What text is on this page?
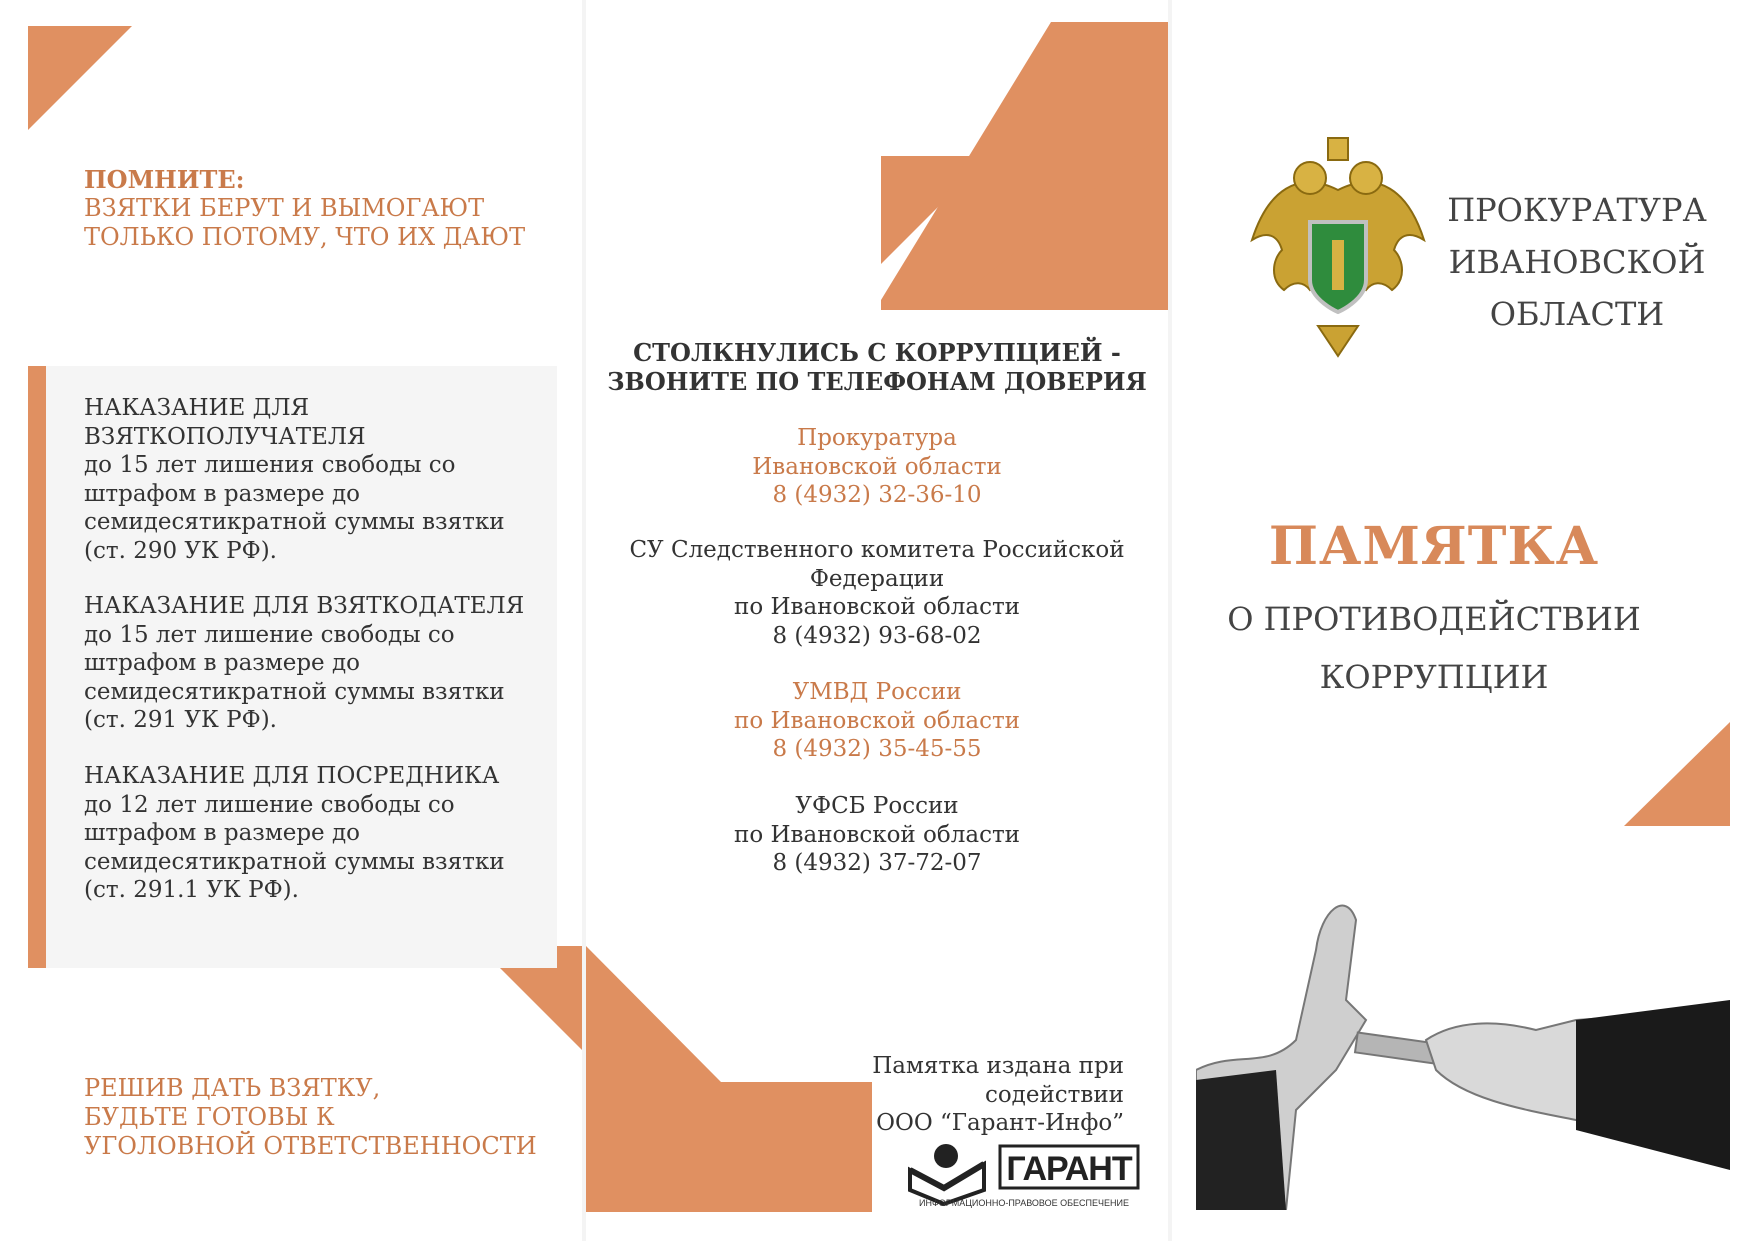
ПОМНИТЕ:
ВЗЯТКИ БЕРУТ И ВЫМОГАЮТ
ТОЛЬКО ПОТОМУ, ЧТО ИХ ДАЮТ
НАКАЗАНИЕ ДЛЯ
ВЗЯТКОПОЛУЧАТЕЛЯ
до 15 лет лишения свободы со
штрафом в размере до
семидесятикратной суммы взятки
(ст. 290 УК РФ).
НАКАЗАНИЕ ДЛЯ ВЗЯТКОДАТЕЛЯ
до 15 лет лишение свободы со
штрафом в размере до
семидесятикратной суммы взятки
(ст. 291 УК РФ).
НАКАЗАНИЕ ДЛЯ ПОСРЕДНИКА
до 12 лет лишение свободы со
штрафом в размере до
семидесятикратной суммы взятки
(ст. 291.1 УК РФ).
РЕШИВ ДАТЬ ВЗЯТКУ,
БУДЬТЕ ГОТОВЫ К
УГОЛОВНОЙ ОТВЕТСТВЕННОСТИ
СТОЛКНУЛИСЬ С КОРРУПЦИЕЙ -
ЗВОНИТЕ ПО ТЕЛЕФОНАМ ДОВЕРИЯ
Прокуратура
Ивановской области
8 (4932) 32-36-10
СУ Следственного комитета Российской
Федерации
по Ивановской области
8 (4932) 93-68-02
УМВД России
по Ивановской области
8 (4932) 35-45-55
УФСБ России
по Ивановской области
8 (4932) 37-72-07
Памятка издана при содействии
ООО “Гарант-Инфо”
ГАРАНТ
ИНФОРМАЦИОННО-ПРАВОВОЕ ОБЕСПЕЧЕНИЕ
ПРОКУРАТУРА
ИВАНОВСКОЙ
ОБЛАСТИ
ПАМЯТКА
О ПРОТИВОДЕЙСТВИИ
КОРРУПЦИИ
